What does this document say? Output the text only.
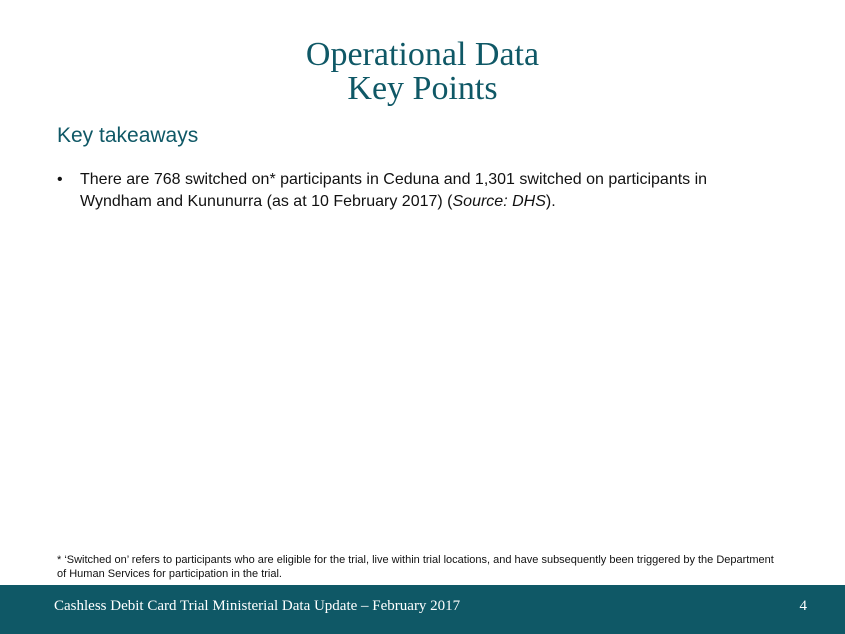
Operational Data
Key Points
Key takeaways
•	There are 768 switched on* participants in Ceduna and 1,301 switched on participants in Wyndham and Kununurra (as at 10 February 2017) (Source: DHS).
* ‘Switched on’ refers to participants who are eligible for the trial, live within trial locations, and have subsequently been triggered by the Department of Human Services for participation in the trial.
Cashless Debit Card Trial Ministerial Data Update – February 2017	4
